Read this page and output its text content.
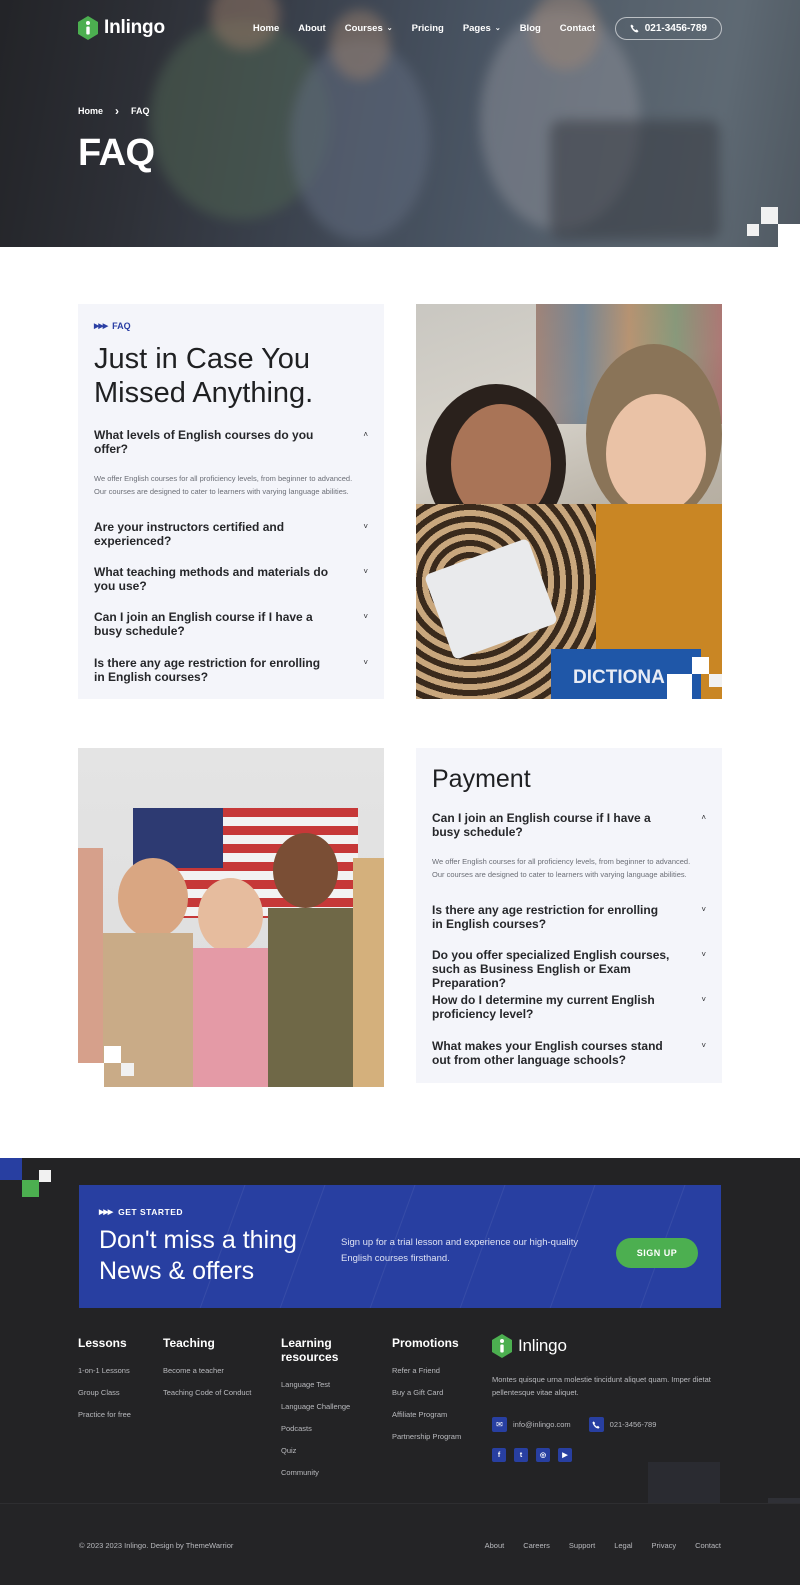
Inlingo	Home About Courses ⌄ Pricing Pages ⌄ Blog Contact	021-3456-789
Home › FAQ
FAQ
▶▶▶ FAQ
Just in Case You Missed Anything.
What levels of English courses do you offer?
˄

We offer English courses for all proficiency levels, from beginner to advanced. Our courses are designed to cater to learners with varying language abilities.

Are your instructors certified and experienced?
˅
What teaching methods and materials do you use?
˅
Can I join an English course if I have a busy schedule?
˅
Is there any age restriction for enrolling in English courses?
˅
DICTIONA
Payment
Can I join an English course if I have a busy schedule?
˄

We offer English courses for all proficiency levels, from beginner to advanced. Our courses are designed to cater to learners with varying language abilities.

Is there any age restriction for enrolling in English courses?
˅
Do you offer specialized English courses, such as Business English or Exam Preparation?
˅
How do I determine my current English proficiency level?
˅
What makes your English courses stand out from other language schools?
˅
▶▶▶ GET STARTED
Don't miss a thing
News & offers

Sign up for a trial lesson and experience our high-quality English courses firsthand.	SIGN UP
Lessons
1-on-1 Lessons
Group Class
Practice for free
Teaching
Become a teacher
Teaching Code of Conduct
Learning resources
Language Test
Language Challenge
Podcasts
Quiz
Community
Promotions
Refer a Friend
Buy a Gift Card
Affiliate Program
Partnership Program
Inlingo

Montes quisque urna molestie tincidunt aliquet quam. Imper dietat pellentesque vitae aliquet.

✉	info@inlingo.com	021-3456-789
f	t	◎	▶
© 2023 2023 Inlingo. Design by ThemeWarrior	About	Careers	Support	Legal	Privacy	Contact
